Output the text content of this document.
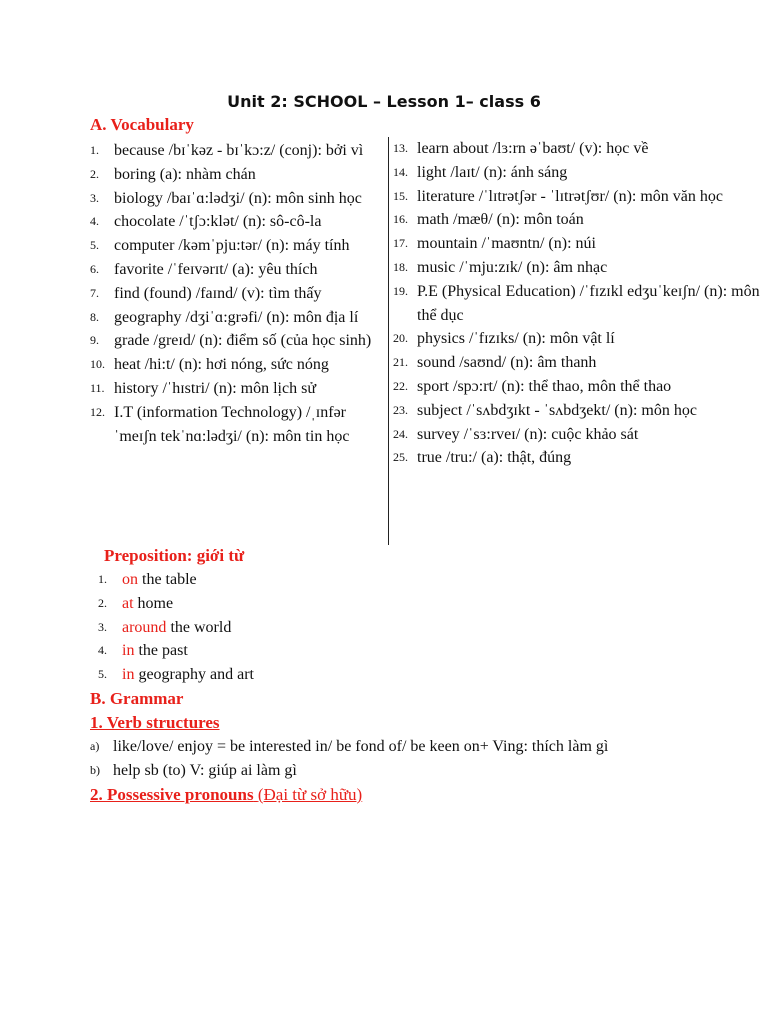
Unit 2: SCHOOL – Lesson 1– class 6
A. Vocabulary
1. because /bɪˈkəz - bɪˈkɔ:z/ (conj): bởi vì
2. boring (a): nhàm chán
3. biology /baɪˈɑ:lədʒi/ (n): môn sinh học
4. chocolate /ˈtʃɔ:klət/ (n): sô-cô-la
5. computer /kəmˈpju:tər/ (n): máy tính
6. favorite /ˈfeɪvərɪt/ (a): yêu thích
7. find (found) /faɪnd/ (v): tìm thấy
8. geography /dʒiˈɑ:grəfi/ (n): môn địa lí
9. grade /greɪd/ (n): điểm số (của học sinh)
10. heat /hi:t/ (n): hơi nóng, sức nóng
11. history /ˈhɪstri/ (n): môn lịch sử
12. I.T (information Technology) /ˌɪnfər ˈmeɪʃn tekˈnɑ:lədʒi/ (n): môn tin học
13. learn about /lɜ:rn əˈbaʊt/ (v): học về
14. light /laɪt/ (n): ánh sáng
15. literature /ˈlɪtrətʃər - ˈlɪtrətʃʊr/ (n): môn văn học
16. math /mæθ/ (n): môn toán
17. mountain /ˈmaʊntn/ (n): núi
18. music /ˈmju:zɪk/ (n): âm nhạc
19. P.E (Physical Education) /ˈfɪzɪkl edʒuˈkeɪʃn/ (n): môn thể dục
20. physics /ˈfɪzɪks/ (n): môn vật lí
21. sound /saʊnd/ (n): âm thanh
22. sport /spɔ:rt/ (n): thể thao, môn thể thao
23. subject /ˈsʌbdʒɪkt - ˈsʌbdʒekt/ (n): môn học
24. survey /ˈsɜ:rveɪ/ (n): cuộc khảo sát
25. true /tru:/ (a): thật, đúng
Preposition: giới từ
1. on the table
2. at home
3. around the world
4. in the past
5. in geography and art
B. Grammar
1. Verb structures
a) like/love/ enjoy = be interested in/ be fond of/ be keen on+ Ving: thích làm gì
b) help sb (to) V: giúp ai làm gì
2. Possessive pronouns (Đại từ sở hữu)
